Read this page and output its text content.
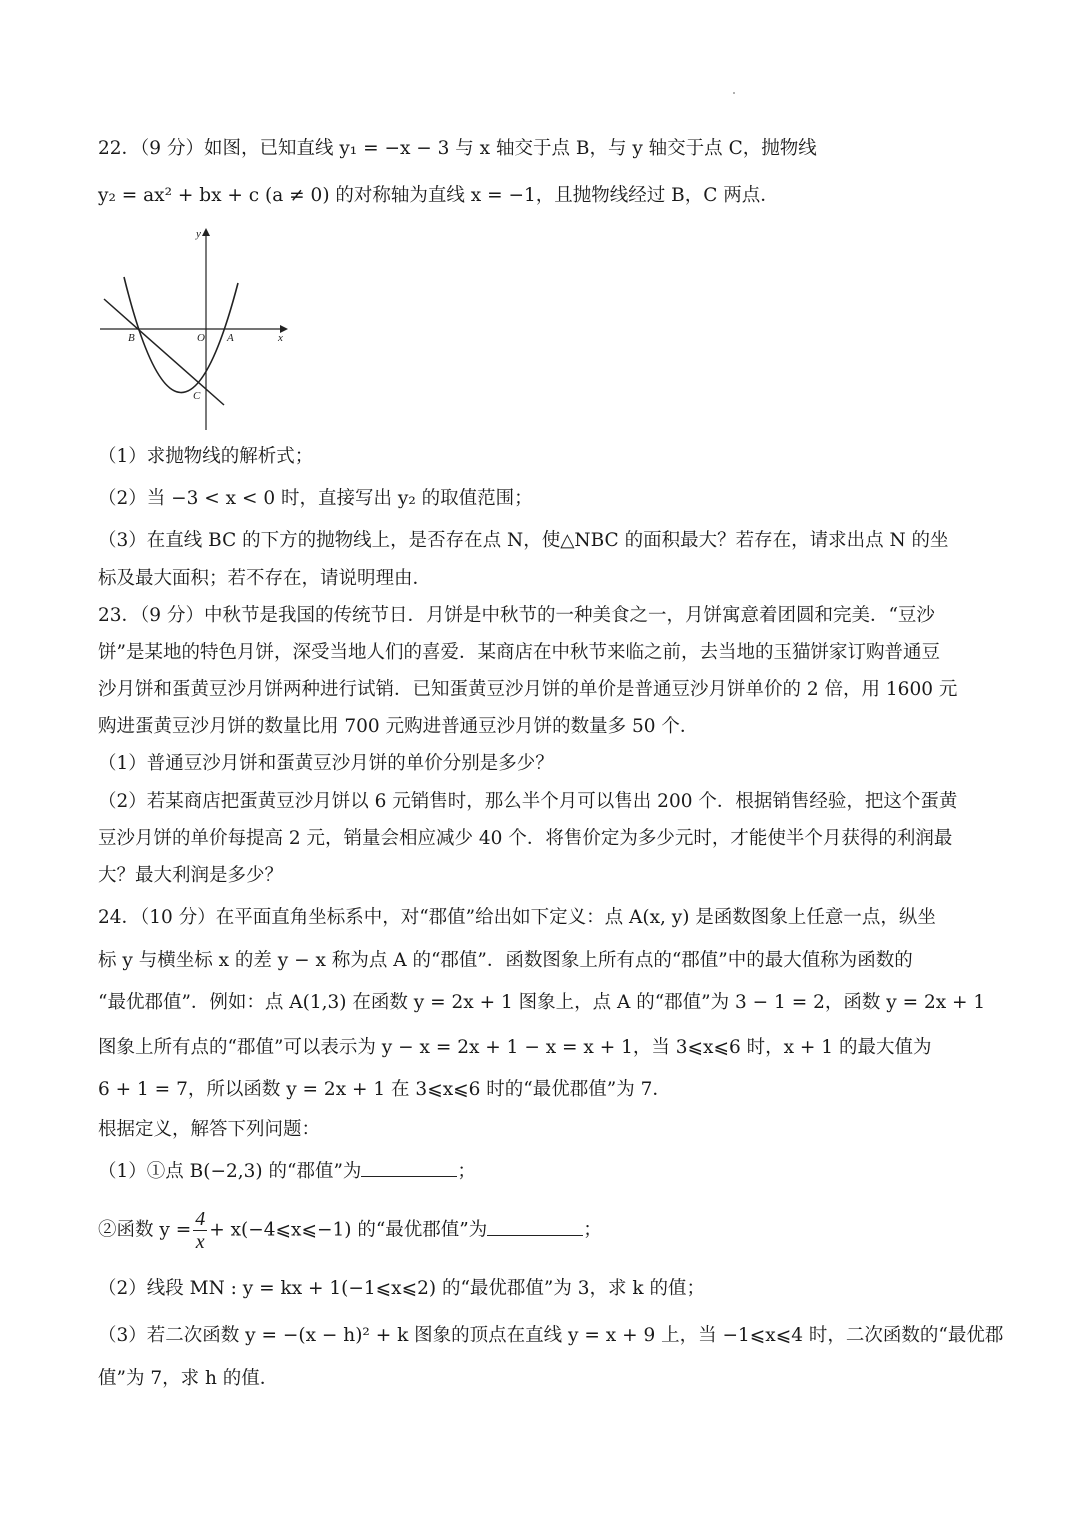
22．（9 分）如图，已知直线 y₁ = −x − 3 与 x 轴交于点 B，与 y 轴交于点 C，抛物线
y₂ = ax² + bx + c (a ≠ 0) 的对称轴为直线 x = −1，且抛物线经过 B，C 两点．
y
x
O
B	A
C
（1）求抛物线的解析式；
（2）当 −3 < x < 0 时，直接写出 y₂ 的取值范围；
（3）在直线 BC 的下方的抛物线上，是否存在点 N，使△NBC 的面积最大？若存在，请求出点 N 的坐
标及最大面积；若不存在，请说明理由．
23．（9 分）中秋节是我国的传统节日．月饼是中秋节的一种美食之一，月饼寓意着团圆和完美．“豆沙
饼”是某地的特色月饼，深受当地人们的喜爱．某商店在中秋节来临之前，去当地的玉猫饼家订购普通豆
沙月饼和蛋黄豆沙月饼两种进行试销．已知蛋黄豆沙月饼的单价是普通豆沙月饼单价的 2 倍，用 1600 元
购进蛋黄豆沙月饼的数量比用 700 元购进普通豆沙月饼的数量多 50 个．
（1）普通豆沙月饼和蛋黄豆沙月饼的单价分别是多少？
（2）若某商店把蛋黄豆沙月饼以 6 元销售时，那么半个月可以售出 200 个．根据销售经验，把这个蛋黄
豆沙月饼的单价每提高 2 元，销量会相应减少 40 个．将售价定为多少元时，才能使半个月获得的利润最
大？最大利润是多少？
24．（10 分）在平面直角坐标系中，对“郡值”给出如下定义：点 A(x, y) 是函数图象上任意一点，纵坐
标 y 与横坐标 x 的差 y − x 称为点 A 的“郡值”．函数图象上所有点的“郡值”中的最大值称为函数的
“最优郡值”．例如：点 A(1,3) 在函数 y = 2x + 1 图象上，点 A 的“郡值”为 3 − 1 = 2，函数 y = 2x + 1
图象上所有点的“郡值”可以表示为 y − x = 2x + 1 − x = x + 1，当 3⩽x⩽6 时，x + 1 的最大值为
6 + 1 = 7，所以函数 y = 2x + 1 在 3⩽x⩽6 时的“最优郡值”为 7．
根据定义，解答下列问题：
（1）①点 B(−2,3) 的“郡值”为	；
②函数 $y = \frac{4}{x}$ + x(−4⩽x⩽−1) 的“最优郡值”为	；
（2）线段 MN : y = kx + 1(−1⩽x⩽2) 的“最优郡值”为 3，求 k 的值；
（3）若二次函数 y = −(x − h)² + k 图象的顶点在直线 y = x + 9 上，当 −1⩽x⩽4 时，二次函数的“最优郡
值”为 7，求 h 的值．
